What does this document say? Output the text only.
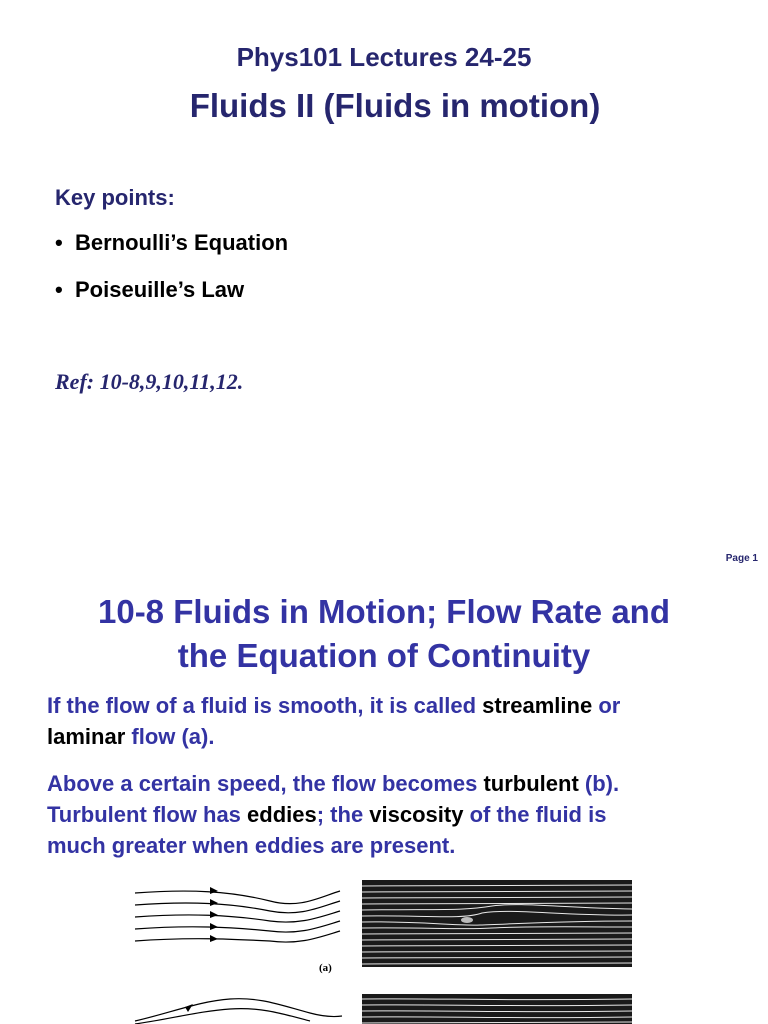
Phys101 Lectures 24-25
Fluids II (Fluids in motion)
Key points:
• Bernoulli’s Equation
• Poiseuille’s Law
Ref: 10-8,9,10,11,12.
Page 1
10-8 Fluids in Motion; Flow Rate and
the Equation of Continuity
If the flow of a fluid is smooth, it is called streamline or
laminar flow (a).
Above a certain speed, the flow becomes turbulent (b).
Turbulent flow has eddies; the viscosity of the fluid is
much greater when eddies are present.
(a)
